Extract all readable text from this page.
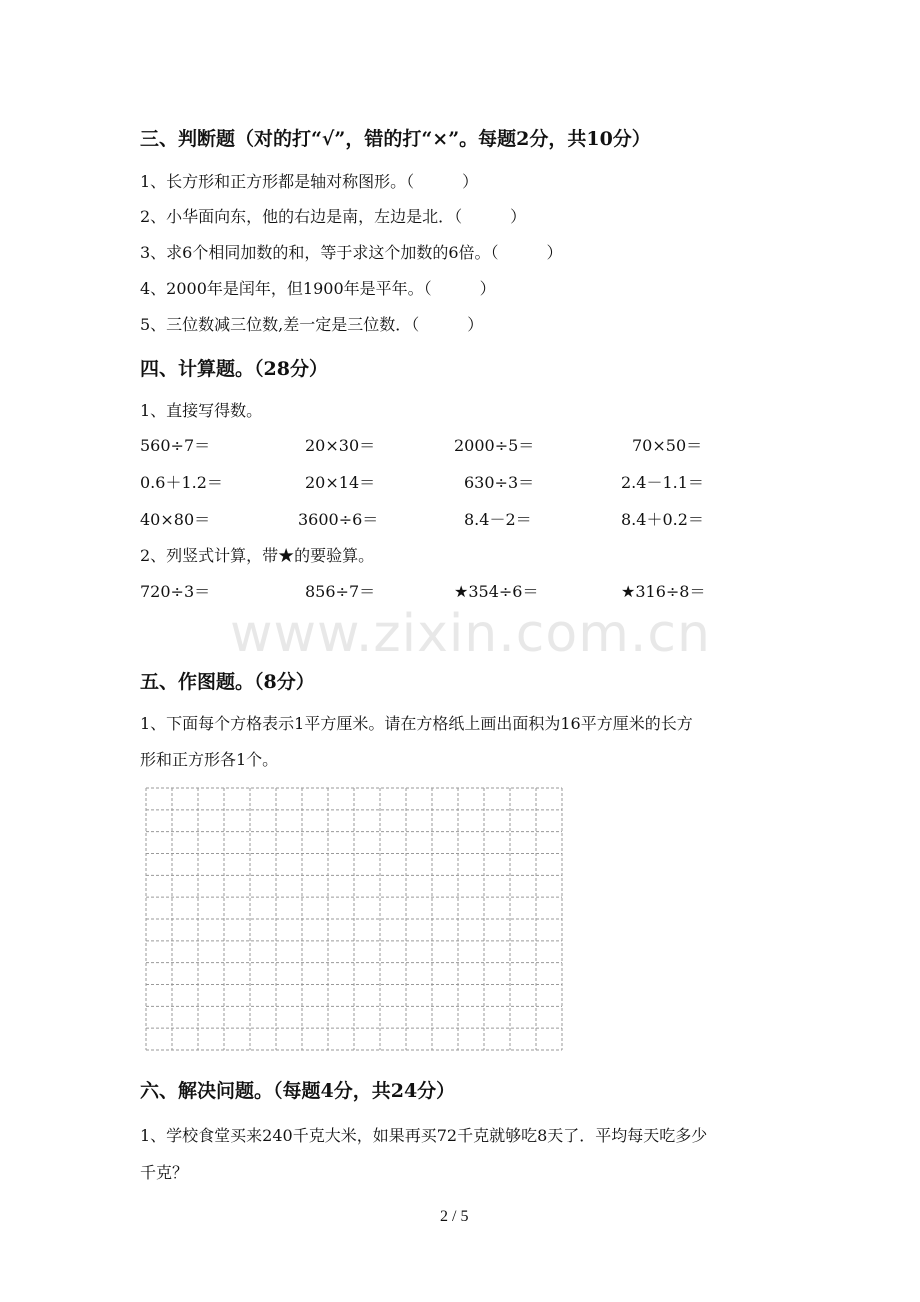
三、判断题（对的打“√”，错的打“×”。每题2分，共10分）
1、长方形和正方形都是轴对称图形。（　　　）
2、小华面向东，他的右边是南，左边是北．（　　　）
3、求6个相同加数的和，等于求这个加数的6倍。（　　　）
4、2000年是闰年，但1900年是平年。（　　　）
5、三位数减三位数,差一定是三位数．（　　　）
四、计算题。（28分）
1、直接写得数。
560÷7＝	20×30＝	2000÷5＝	70×50＝
0.6＋1.2＝	20×14＝	630÷3＝	2.4－1.1＝
40×80＝	3600÷6＝	8.4－2＝	8.4＋0.2＝
2、列竖式计算，带★的要验算。
720÷3＝	856÷7＝	★354÷6＝	★316÷8＝
www.zixin.com.cn
五、作图题。（8分）
1、下面每个方格表示1平方厘米。请在方格纸上画出面积为16平方厘米的长方
形和正方形各1个。
六、解决问题。（每题4分，共24分）
1、学校食堂买来240千克大米，如果再买72千克就够吃8天了．平均每天吃多少
千克？
2 / 5
